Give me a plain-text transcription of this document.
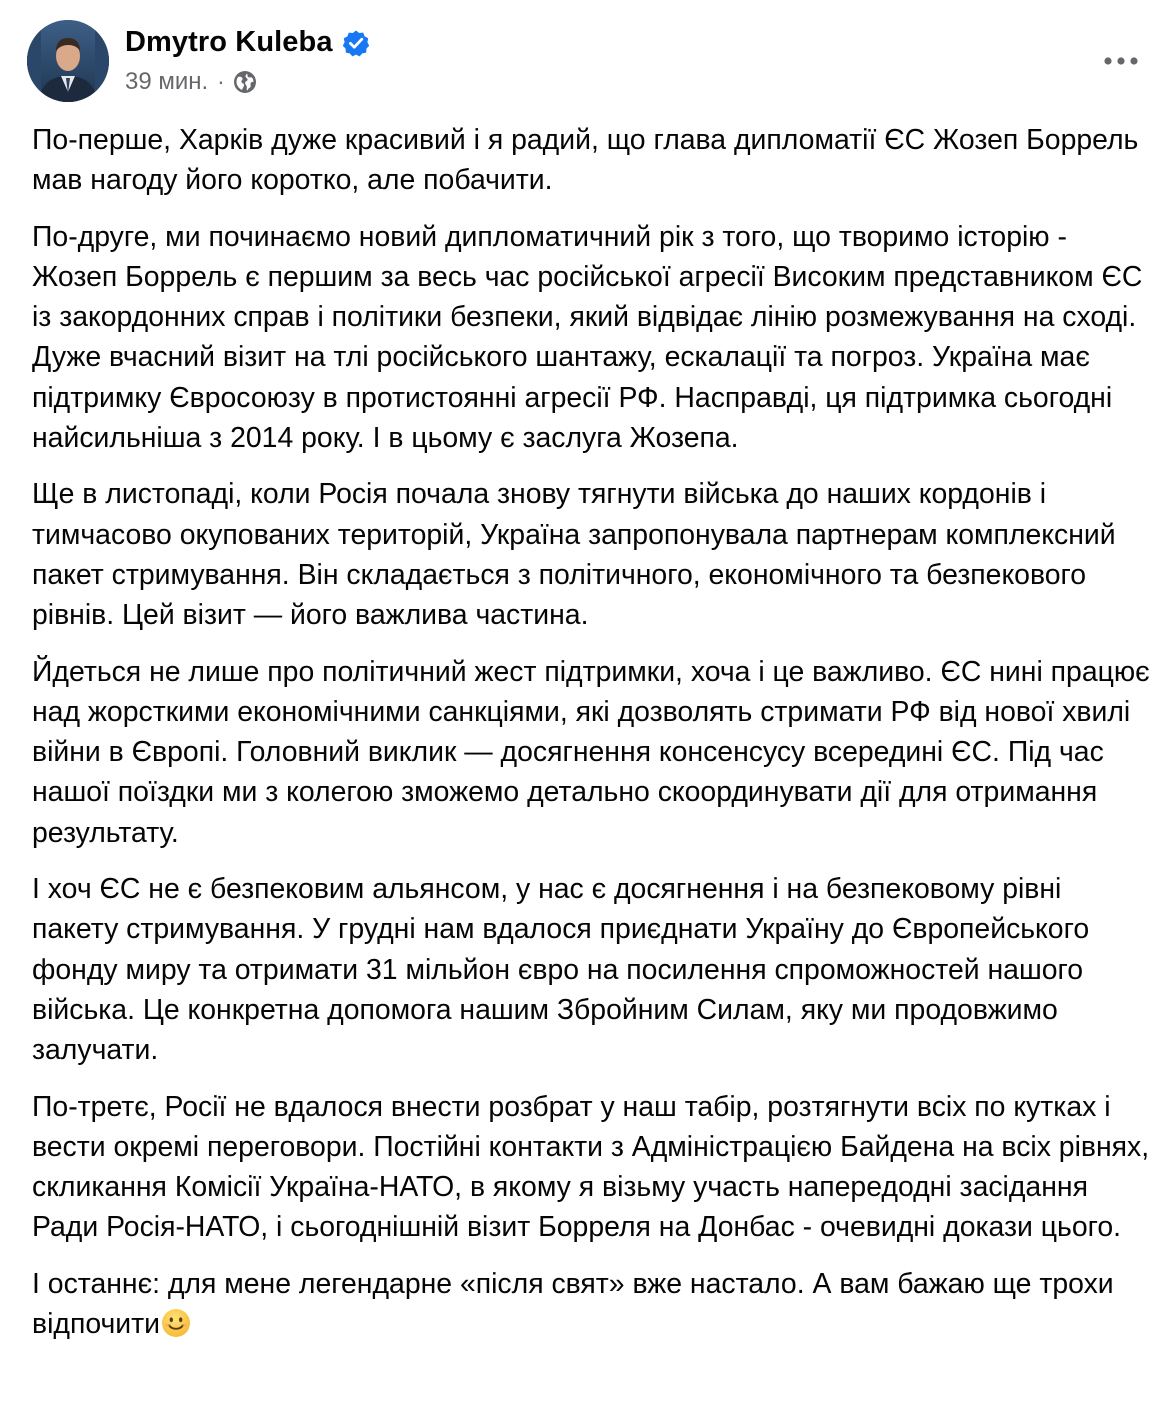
Dmytro Kuleba
39 мин. ·

По-перше, Харків дуже красивий і я радий, що глава дипломатії ЄС Жозеп Боррель мав нагоду його коротко, але побачити.

По-друге, ми починаємо новий дипломатичний рік з того, що творимо історію - Жозеп Боррель є першим за весь час російської агресії Високим представником ЄС із закордонних справ і політики безпеки, який відвідає лінію розмежування на сході. Дуже вчасний візит на тлі російського шантажу, ескалації та погроз. Україна має підтримку Євросоюзу в протистоянні агресії РФ. Насправді, ця підтримка сьогодні найсильніша з 2014 року. І в цьому є заслуга Жозепа.

Ще в листопаді, коли Росія почала знову тягнути війська до наших кордонів і тимчасово окупованих територій, Україна запропонувала партнерам комплексний пакет стримування. Він складається з політичного, економічного та безпекового рівнів. Цей візит — його важлива частина.

Йдеться не лише про політичний жест підтримки, хоча і це важливо. ЄС нині працює над жорсткими економічними санкціями, які дозволять стримати РФ від нової хвилі війни в Європі. Головний виклик — досягнення консенсусу всередині ЄС. Під час нашої поїздки ми з колегою зможемо детально скоординувати дії для отримання результату.

І хоч ЄС не є безпековим альянсом, у нас є досягнення і на безпековому рівні пакету стримування. У грудні нам вдалося приєднати Україну до Європейського фонду миру та отримати 31 мільйон євро на посилення спроможностей нашого війська. Це конкретна допомога нашим Збройним Силам, яку ми продовжимо залучати.

По-третє, Росії не вдалося внести розбрат у наш табір, розтягнути всіх по кутках і вести окремі переговори. Постійні контакти з Адміністрацією Байдена на всіх рівнях, скликання Комісії Україна-НАТО, в якому я візьму участь напередодні засідання Ради Росія-НАТО, і сьогоднішній візит Борреля на Донбас - очевидні докази цього.

І останнє: для мене легендарне «після свят» вже настало. А вам бажаю ще трохи відпочити
